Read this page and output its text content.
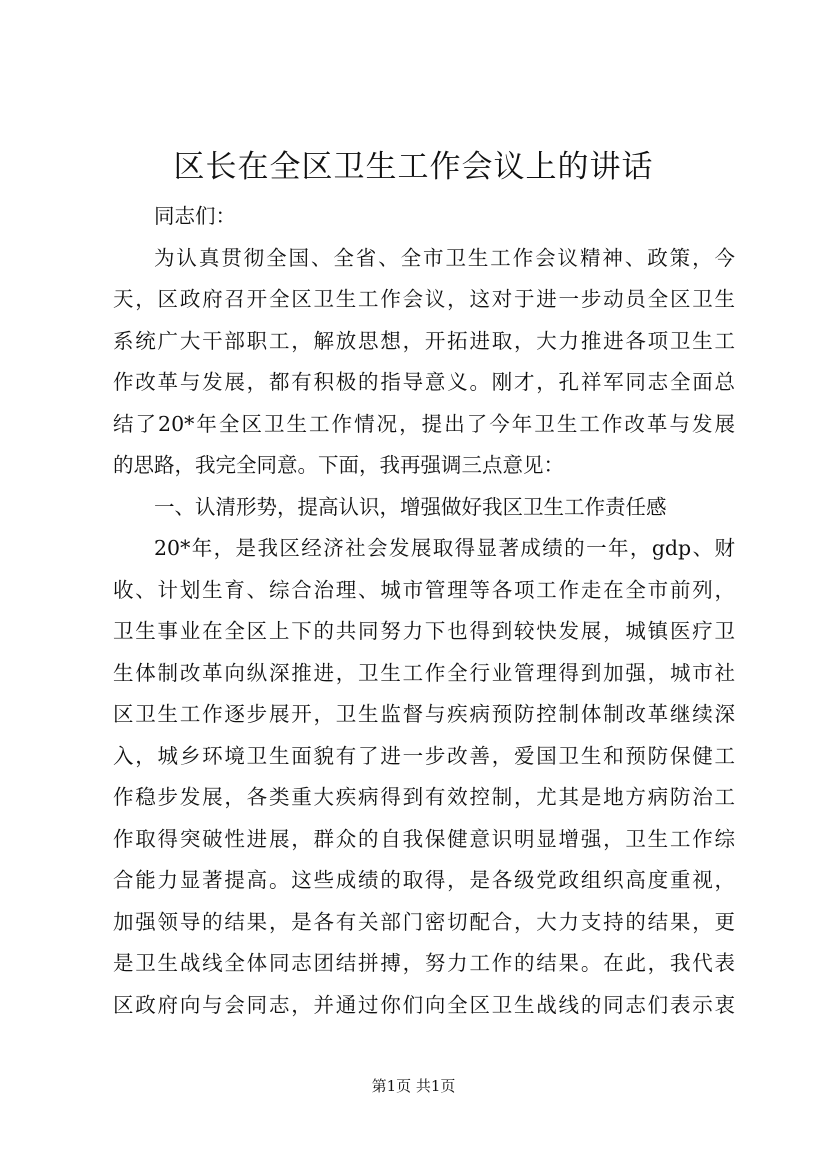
区长在全区卫生工作会议上的讲话
同志们：
为认真贯彻全国、全省、全市卫生工作会议精神、政策，今
天，区政府召开全区卫生工作会议，这对于进一步动员全区卫生
系统广大干部职工，解放思想，开拓进取，大力推进各项卫生工
作改革与发展，都有积极的指导意义。刚才，孔祥军同志全面总
结了20*年全区卫生工作情况，提出了今年卫生工作改革与发展
的思路，我完全同意。下面，我再强调三点意见：
一、认清形势，提高认识，增强做好我区卫生工作责任感
20*年，是我区经济社会发展取得显著成绩的一年，gdp、财
收、计划生育、综合治理、城市管理等各项工作走在全市前列，
卫生事业在全区上下的共同努力下也得到较快发展，城镇医疗卫
生体制改革向纵深推进，卫生工作全行业管理得到加强，城市社
区卫生工作逐步展开，卫生监督与疾病预防控制体制改革继续深
入，城乡环境卫生面貌有了进一步改善，爱国卫生和预防保健工
作稳步发展，各类重大疾病得到有效控制，尤其是地方病防治工
作取得突破性进展，群众的自我保健意识明显增强，卫生工作综
合能力显著提高。这些成绩的取得，是各级党政组织高度重视，
加强领导的结果，是各有关部门密切配合，大力支持的结果，更
是卫生战线全体同志团结拼搏，努力工作的结果。在此，我代表
区政府向与会同志，并通过你们向全区卫生战线的同志们表示衷
第1页 共1页
